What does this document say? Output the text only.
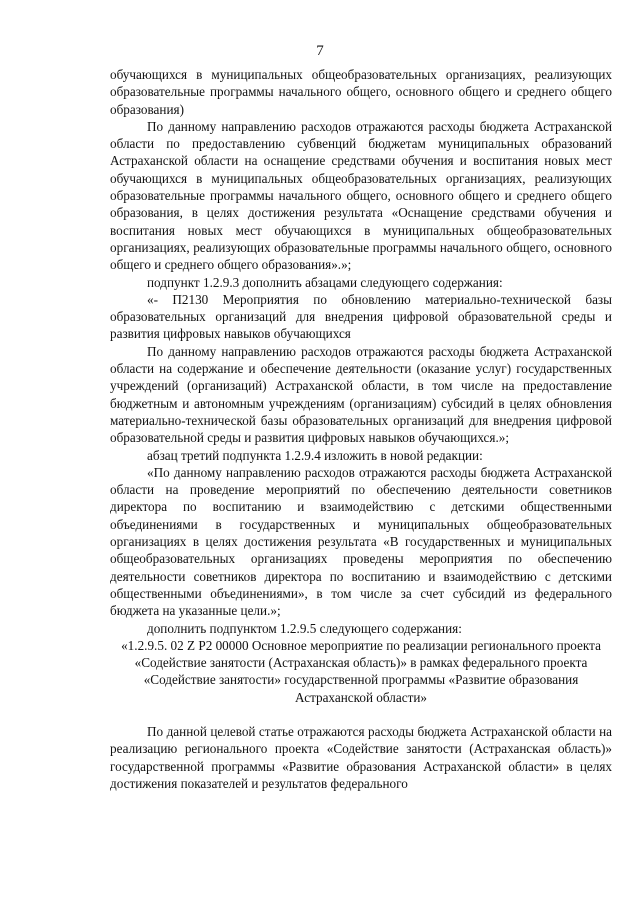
7

обучающихся в муниципальных общеобразовательных организациях, реализующих образовательные программы начального общего, основного общего и среднего общего образования)

По данному направлению расходов отражаются расходы бюджета Астраханской области по предоставлению субвенций бюджетам муниципальных образований Астраханской области на оснащение средствами обучения и воспитания новых мест обучающихся в муниципальных общеобразовательных организациях, реализующих образовательные программы начального общего, основного общего и среднего общего образования, в целях достижения результата «Оснащение средствами обучения и воспитания новых мест обучающихся в муниципальных общеобразовательных организациях, реализующих образовательные программы начального общего, основного общего и среднего общего образования».»;

подпункт 1.2.9.3 дополнить абзацами следующего содержания:

«- П2130 Мероприятия по обновлению материально-технической базы образовательных организаций для внедрения цифровой образовательной среды и развития цифровых навыков обучающихся

По данному направлению расходов отражаются расходы бюджета Астраханской области на содержание и обеспечение деятельности (оказание услуг) государственных учреждений (организаций) Астраханской области, в том числе на предоставление бюджетным и автономным учреждениям (организациям) субсидий в целях обновления материально-технической базы образовательных организаций для внедрения цифровой образовательной среды и развития цифровых навыков обучающихся.»;

абзац третий подпункта 1.2.9.4 изложить в новой редакции:

«По данному направлению расходов отражаются расходы бюджета Астраханской области на проведение мероприятий по обеспечению деятельности советников директора по воспитанию и взаимодействию с детскими общественными объединениями в государственных и муниципальных общеобразовательных организациях в целях достижения результата «В государственных и муниципальных общеобразовательных организациях проведены мероприятия по обеспечению деятельности советников директора по воспитанию и взаимодействию с детскими общественными объединениями», в том числе за счет субсидий из федерального бюджета на указанные цели.»;

дополнить подпунктом 1.2.9.5 следующего содержания:

«1.2.9.5. 02 Z P2 00000 Основное мероприятие по реализации регионального проекта «Содействие занятости (Астраханская область)» в рамках федерального проекта «Содействие занятости» государственной программы «Развитие образования Астраханской области»

По данной целевой статье отражаются расходы бюджета Астраханской области на реализацию регионального проекта «Содействие занятости (Астраханская область)» государственной программы «Развитие образования Астраханской области» в целях достижения показателей и результатов федерального
